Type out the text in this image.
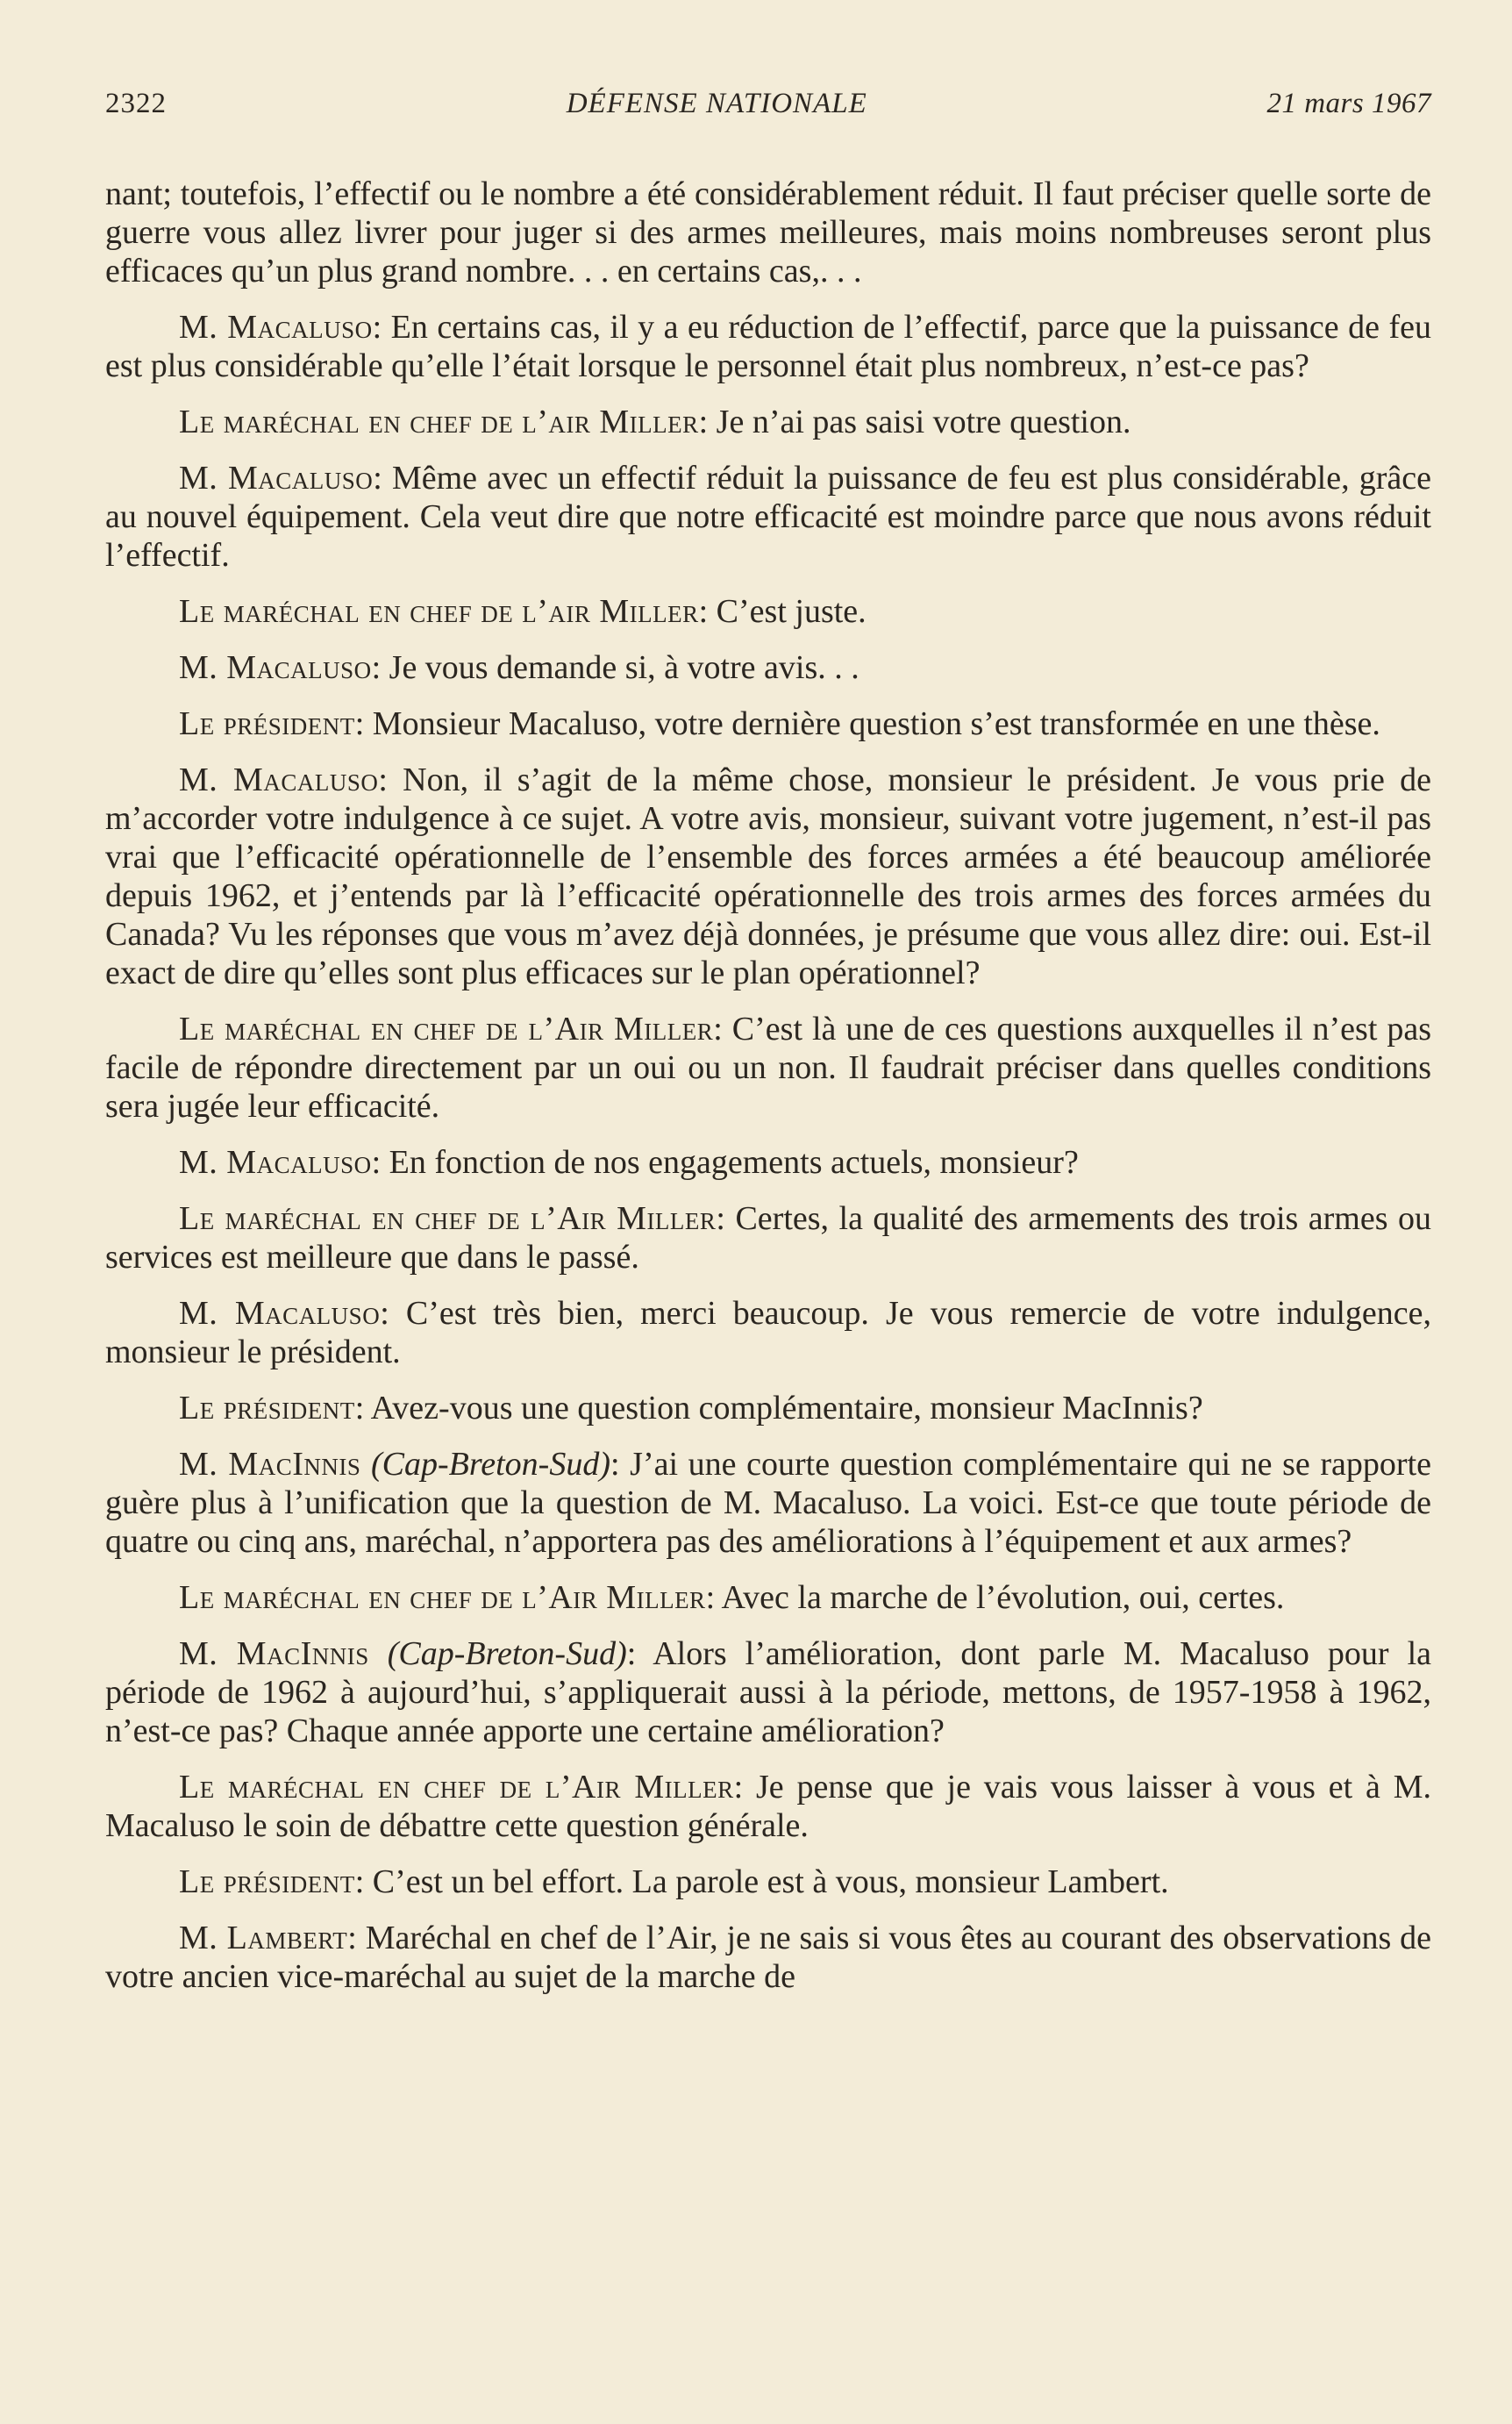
2322	DÉFENSE NATIONALE	21 mars 1967

nant; toutefois, l’effectif ou le nombre a été considérablement réduit. Il faut préciser quelle sorte de guerre vous allez livrer pour juger si des armes meilleures, mais moins nombreuses seront plus efficaces qu’un plus grand nombre. . . en certains cas,. . .

M. Macaluso: En certains cas, il y a eu réduction de l’effectif, parce que la puissance de feu est plus considérable qu’elle l’était lorsque le personnel était plus nombreux, n’est-ce pas?

Le maréchal en chef de l’air Miller: Je n’ai pas saisi votre question.

M. Macaluso: Même avec un effectif réduit la puissance de feu est plus considérable, grâce au nouvel équipement. Cela veut dire que notre efficacité est moindre parce que nous avons réduit l’effectif.

Le maréchal en chef de l’air Miller: C’est juste.

M. Macaluso: Je vous demande si, à votre avis. . .

Le président: Monsieur Macaluso, votre dernière question s’est transformée en une thèse.

M. Macaluso: Non, il s’agit de la même chose, monsieur le président. Je vous prie de m’accorder votre indulgence à ce sujet. A votre avis, monsieur, suivant votre jugement, n’est-il pas vrai que l’efficacité opérationnelle de l’ensemble des forces armées a été beaucoup améliorée depuis 1962, et j’entends par là l’efficacité opérationnelle des trois armes des forces armées du Canada? Vu les réponses que vous m’avez déjà données, je présume que vous allez dire: oui. Est-il exact de dire qu’elles sont plus efficaces sur le plan opérationnel?

Le maréchal en chef de l’Air Miller: C’est là une de ces questions auxquelles il n’est pas facile de répondre directement par un oui ou un non. Il faudrait préciser dans quelles conditions sera jugée leur efficacité.

M. Macaluso: En fonction de nos engagements actuels, monsieur?

Le maréchal en chef de l’Air Miller: Certes, la qualité des armements des trois armes ou services est meilleure que dans le passé.

M. Macaluso: C’est très bien, merci beaucoup. Je vous remercie de votre indulgence, monsieur le président.

Le président: Avez-vous une question complémentaire, monsieur MacInnis?

M. MacInnis (Cap-Breton-Sud): J’ai une courte question complémentaire qui ne se rapporte guère plus à l’unification que la question de M. Macaluso. La voici. Est-ce que toute période de quatre ou cinq ans, maréchal, n’apportera pas des améliorations à l’équipement et aux armes?

Le maréchal en chef de l’Air Miller: Avec la marche de l’évolution, oui, certes.

M. MacInnis (Cap-Breton-Sud): Alors l’amélioration, dont parle M. Macaluso pour la période de 1962 à aujourd’hui, s’appliquerait aussi à la période, mettons, de 1957-1958 à 1962, n’est-ce pas? Chaque année apporte une certaine amélioration?

Le maréchal en chef de l’Air Miller: Je pense que je vais vous laisser à vous et à M. Macaluso le soin de débattre cette question générale.

Le président: C’est un bel effort. La parole est à vous, monsieur Lambert.

M. Lambert: Maréchal en chef de l’Air, je ne sais si vous êtes au courant des observations de votre ancien vice-maréchal au sujet de la marche de
